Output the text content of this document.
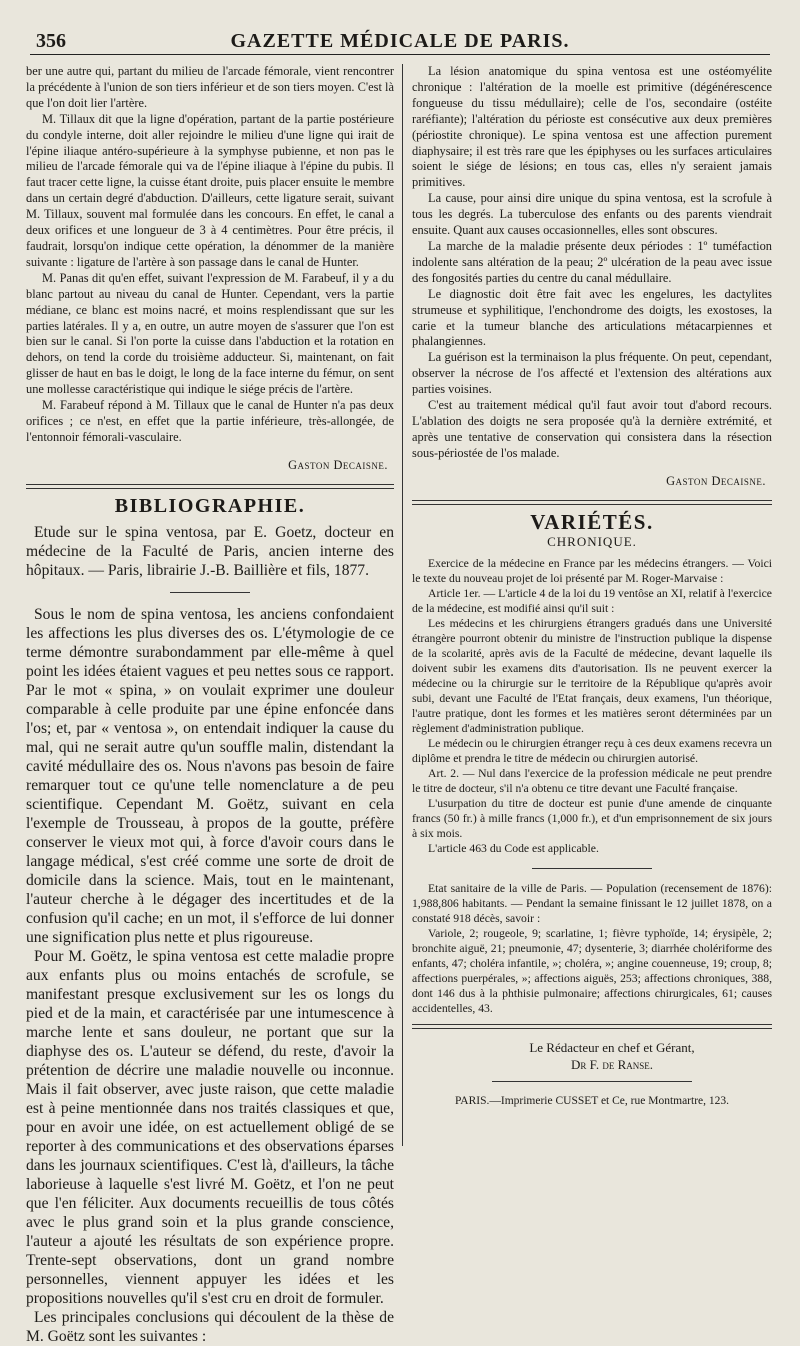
356	GAZETTE MÉDICALE DE PARIS.

ber une autre qui, partant du milieu de l'arcade fémorale, vient rencontrer la précédente à l'union de son tiers inférieur et de son tiers moyen. C'est là que l'on doit lier l'artère.

M. Tillaux dit que la ligne d'opération, partant de la partie postérieure du condyle interne, doit aller rejoindre le milieu d'une ligne qui irait de l'épine iliaque antéro-supérieure à la symphyse pubienne, et non pas le milieu de l'arcade fémorale qui va de l'épine iliaque à l'épine du pubis. Il faut tracer cette ligne, la cuisse étant droite, puis placer ensuite le membre dans un certain degré d'abduction. D'ailleurs, cette ligature serait, suivant M. Tillaux, souvent mal formulée dans les concours. En effet, le canal a deux orifices et une longueur de 3 à 4 centimètres. Pour être précis, il faudrait, lorsqu'on indique cette opération, la dénommer de la manière suivante : ligature de l'artère à son passage dans le canal de Hunter.

M. Panas dit qu'en effet, suivant l'expression de M. Farabeuf, il y a du blanc partout au niveau du canal de Hunter. Cependant, vers la partie médiane, ce blanc est moins nacré, et moins resplendissant que sur les parties latérales. Il y a, en outre, un autre moyen de s'assurer que l'on est bien sur le canal. Si l'on porte la cuisse dans l'abduction et la rotation en dehors, on tend la corde du troisième adducteur. Si, maintenant, on fait glisser de haut en bas le doigt, le long de la face interne du fémur, on sent une mollesse caractéristique qui indique le siége précis de l'artère.

M. Farabeuf répond à M. Tillaux que le canal de Hunter n'a pas deux orifices ; ce n'est, en effet que la partie inférieure, très-allongée, de l'entonnoir fémorali-vasculaire.

Gaston Decaisne.
BIBLIOGRAPHIE.

Etude sur le spina ventosa, par E. Goetz, docteur en médecine de la Faculté de Paris, ancien interne des hôpitaux. — Paris, librairie J.-B. Baillière et fils, 1877.

Sous le nom de spina ventosa, les anciens confondaient les affections les plus diverses des os. L'étymologie de ce terme démontre surabondamment par elle-même à quel point les idées étaient vagues et peu nettes sous ce rapport. Par le mot « spina, » on voulait exprimer une douleur comparable à celle produite par une épine enfoncée dans l'os; et, par « ventosa », on entendait indiquer la cause du mal, qui ne serait autre qu'un souffle malin, distendant la cavité médullaire des os. Nous n'avons pas besoin de faire remarquer tout ce qu'une telle nomenclature a de peu scientifique. Cependant M. Goëtz, suivant en cela l'exemple de Trousseau, à propos de la goutte, préfère conserver le vieux mot qui, à force d'avoir cours dans le langage médical, s'est créé comme une sorte de droit de domicile dans la science. Mais, tout en le maintenant, l'auteur cherche à le dégager des incertitudes et de la confusion qu'il cache; en un mot, il s'efforce de lui donner une signification plus nette et plus rigoureuse.

Pour M. Goëtz, le spina ventosa est cette maladie propre aux enfants plus ou moins entachés de scrofule, se manifestant presque exclusivement sur les os longs du pied et de la main, et caractérisée par une intumescence à marche lente et sans douleur, ne portant que sur la diaphyse des os. L'auteur se défend, du reste, d'avoir la prétention de décrire une maladie nouvelle ou inconnue. Mais il fait observer, avec juste raison, que cette maladie est à peine mentionnée dans nos traités classiques et que, pour en avoir une idée, on est actuellement obligé de se reporter à des communications et des observations éparses dans les journaux scientifiques. C'est là, d'ailleurs, la tâche laborieuse à laquelle s'est livré M. Goëtz, et l'on ne peut que l'en féliciter. Aux documents recueillis de tous côtés avec le plus grand soin et la plus grande conscience, l'auteur a ajouté les résultats de son expérience propre. Trente-sept observations, dont un grand nombre personnelles, viennent appuyer les idées et les propositions nouvelles qu'il s'est cru en droit de formuler.

Les principales conclusions qui découlent de la thèse de M. Goëtz sont les suivantes :

La lésion anatomique du spina ventosa est une ostéomyélite chronique : l'altération de la moelle est primitive (dégénérescence fongueuse du tissu médullaire); celle de l'os, secondaire (ostéite raréfiante); l'altération du périoste est consécutive aux deux premières (périostite chronique). Le spina ventosa est une affection purement diaphysaire; il est très rare que les épiphyses ou les surfaces articulaires soient le siége de lésions; en tous cas, elles n'y seraient jamais primitives.

La cause, pour ainsi dire unique du spina ventosa, est la scrofule à tous les degrés. La tuberculose des enfants ou des parents viendrait ensuite. Quant aux causes occasionnelles, elles sont obscures.

La marche de la maladie présente deux périodes : 1º tuméfaction indolente sans altération de la peau; 2º ulcération de la peau avec issue des fongosités parties du centre du canal médullaire.

Le diagnostic doit être fait avec les engelures, les dactylites strumeuse et syphilitique, l'enchondrome des doigts, les exostoses, la carie et la tumeur blanche des articulations métacarpiennes et phalangiennes.

La guérison est la terminaison la plus fréquente. On peut, cependant, observer la nécrose de l'os affecté et l'extension des altérations aux parties voisines.

C'est au traitement médical qu'il faut avoir tout d'abord recours. L'ablation des doigts ne sera proposée qu'à la dernière extrémité, et après une tentative de conservation qui consistera dans la résection sous-périostée de l'os malade.

Gaston Decaisne.
VARIÉTÉS.
CHRONIQUE.

Exercice de la médecine en France par les médecins étrangers. — Voici le texte du nouveau projet de loi présenté par M. Roger-Marvaise :

Article 1er. — L'article 4 de la loi du 19 ventôse an XI, relatif à l'exercice de la médecine, est modifié ainsi qu'il suit :

Les médecins et les chirurgiens étrangers gradués dans une Université étrangère pourront obtenir du ministre de l'instruction publique la dispense de la scolarité, après avis de la Faculté de médecine, devant laquelle ils doivent subir les examens dits d'autorisation. Ils ne peuvent exercer la médecine ou la chirurgie sur le territoire de la République qu'après avoir subi, devant une Faculté de l'Etat français, deux examens, l'un théorique, l'autre pratique, dont les formes et les matières seront déterminées par un règlement d'administration publique.

Le médecin ou le chirurgien étranger reçu à ces deux examens recevra un diplôme et prendra le titre de médecin ou chirurgien autorisé.

Art. 2. — Nul dans l'exercice de la profession médicale ne peut prendre le titre de docteur, s'il n'a obtenu ce titre devant une Faculté française.

L'usurpation du titre de docteur est punie d'une amende de cinquante francs (50 fr.) à mille francs (1,000 fr.), et d'un emprisonnement de six jours à six mois.

L'article 463 du Code est applicable.

Etat sanitaire de la ville de Paris. — Population (recensement de 1876): 1,988,806 habitants. — Pendant la semaine finissant le 12 juillet 1878, on a constaté 918 décès, savoir :

Variole, 2; rougeole, 9; scarlatine, 1; fièvre typhoïde, 14; érysipèle, 2; bronchite aiguë, 21; pneumonie, 47; dysenterie, 3; diarrhée cholériforme des enfants, 47; choléra infantile, »; choléra, »; angine couenneuse, 19; croup, 8; affections puerpérales, »; affections aiguës, 253; affections chroniques, 388, dont 146 dus à la phthisie pulmonaire; affections chirurgicales, 61; causes accidentelles, 43.

Le Rédacteur en chef et Gérant,
Dr F. de Ranse.
PARIS.—Imprimerie CUSSET et Ce, rue Montmartre, 123.
